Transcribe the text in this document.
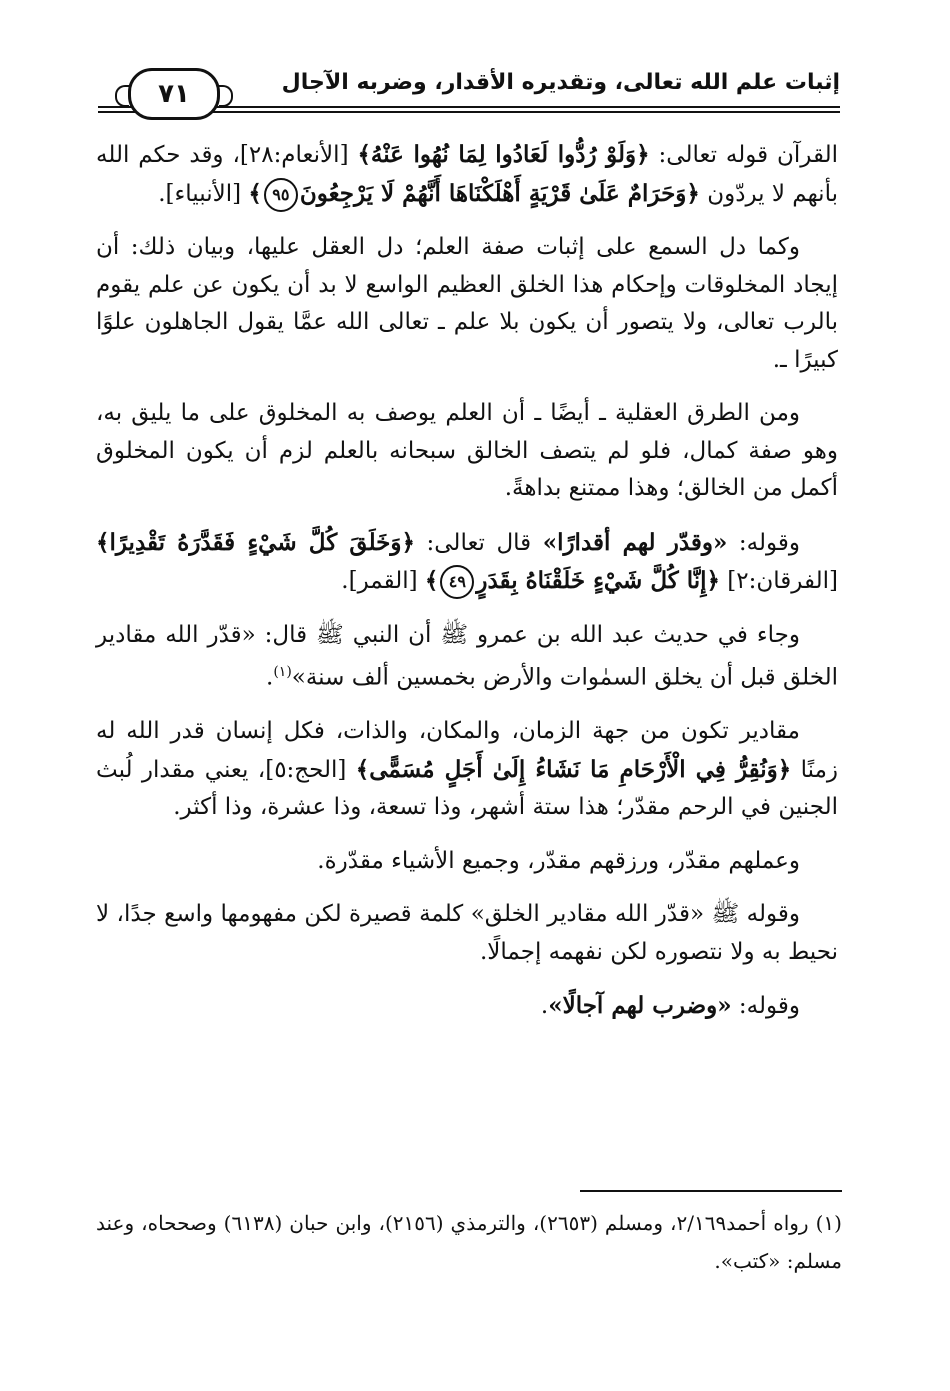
إثبات علم الله تعالى، وتقديره الأقدار، وضربه الآجال
٧١

القرآن قوله تعالى: ﴿وَلَوْ رُدُّوا لَعَادُوا لِمَا نُهُوا عَنْهُ﴾ [الأنعام:٢٨]، وقد حكم الله بأنهم لا يردّون ﴿وَحَرَامٌ عَلَىٰ قَرْيَةٍ أَهْلَكْنَاهَا أَنَّهُمْ لَا يَرْجِعُونَ٩٥﴾ [الأنبياء].

وكما دل السمع على إثبات صفة العلم؛ دل العقل عليها، وبيان ذلك: أن إيجاد المخلوقات وإحكام هذا الخلق العظيم الواسع لا بد أن يكون عن علم يقوم بالرب تعالى، ولا يتصور أن يكون بلا علم ـ تعالى الله عمَّا يقول الجاهلون علوًا كبيرًا ـ.

ومن الطرق العقلية ـ أيضًا ـ أن العلم يوصف به المخلوق على ما يليق به، وهو صفة كمال، فلو لم يتصف الخالق سبحانه بالعلم لزم أن يكون المخلوق أكمل من الخالق؛ وهذا ممتنع بداهةً.

وقوله: «وقدّر لهم أقدارًا» قال تعالى: ﴿وَخَلَقَ كُلَّ شَيْءٍ فَقَدَّرَهُ تَقْدِيرًا﴾ [الفرقان:٢] ﴿إِنَّا كُلَّ شَيْءٍ خَلَقْنَاهُ بِقَدَرٍ٤٩﴾ [القمر].

وجاء في حديث عبد الله بن عمرو ﷺ أن النبي ﷺ قال: «قدّر الله مقادير الخلق قبل أن يخلق السمٰوات والأرض بخمسين ألف سنة»$^{(١)}$.

مقادير تكون من جهة الزمان، والمكان، والذات، فكل إنسان قدر الله له زمنًا ﴿وَنُقِرُّ فِي الْأَرْحَامِ مَا نَشَاءُ إِلَىٰ أَجَلٍ مُسَمًّى﴾ [الحج:٥]، يعني مقدار لُبث الجنين في الرحم مقدّر؛ هذا ستة أشهر، وذا تسعة، وذا عشرة، وذا أكثر.

وعملهم مقدّر، ورزقهم مقدّر، وجميع الأشياء مقدّرة.

وقوله ﷺ «قدّر الله مقادير الخلق» كلمة قصيرة لكن مفهومها واسع جدًا، لا نحيط به ولا نتصوره لكن نفهمه إجمالًا.

وقوله: «وضرب لهم آجالًا».

(١) رواه أحمد٢/١٦٩، ومسلم (٢٦٥٣)، والترمذي (٢١٥٦)، وابن حبان (٦١٣٨) وصححاه، وعند مسلم: «كتب».
